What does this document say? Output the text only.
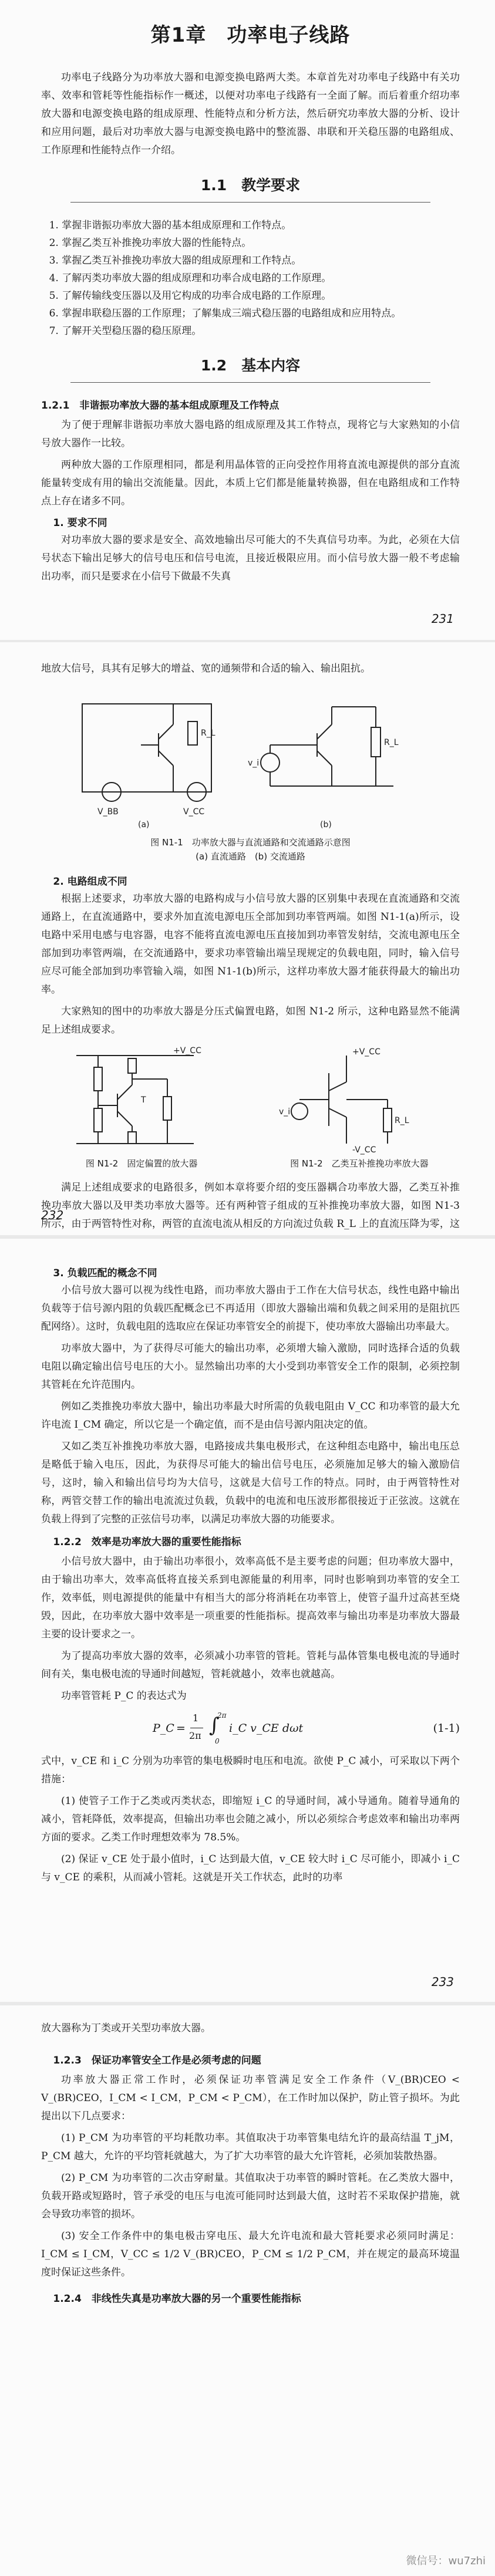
第1章　功率电子线路

功率电子线路分为功率放大器和电源变换电路两大类。本章首先对功率电子线路中有关功率、效率和管耗等性能指标作一概述，以便对功率电子线路有一全面了解。而后着重介绍功率放大器和电源变换电路的组成原理、性能特点和分析方法，然后研究功率放大器的分析、设计和应用问题，最后对功率放大器与电源变换电路中的整流器、串联和开关稳压器的电路组成、工作原理和性能特点作一介绍。

1.1　教学要求
1. 掌握非谐振功率放大器的基本组成原理和工作特点。
2. 掌握乙类互补推挽功率放大器的性能特点。
3. 掌握乙类互补推挽功率放大器的组成原理和工作特点。
4. 了解丙类功率放大器的组成原理和功率合成电路的工作原理。
5. 了解传输线变压器以及用它构成的功率合成电路的工作原理。
6. 掌握串联稳压器的工作原理；了解集成三端式稳压器的电路组成和应用特点。
7. 了解开关型稳压器的稳压原理。
1.2　基本内容
1.2.1　非谐振功率放大器的基本组成原理及工作特点

为了便于理解非谐振功率放大器电路的组成原理及其工作特点，现将它与大家熟知的小信号放大器作一比较。

两种放大器的工作原理相同，都是利用晶体管的正向受控作用将直流电源提供的部分直流能量转变成有用的输出交流能量。因此，本质上它们都是能量转换器，但在电路组成和工作特点上存在诸多不同。

1. 要求不同

对功率放大器的要求是安全、高效地输出尽可能大的不失真信号功率。为此，必须在大信号状态下输出足够大的信号电压和信号电流，且接近极限应用。而小信号放大器一般不考虑输出功率，而只是要求在小信号下做最不失真

231

地放大信号，具其有足够大的增益、宽的通频带和合适的输入、输出阻抗。

V_BB	V_CC
R_L
v_i
R_L
(a)	(b)
图 N1-1　功率放大器与直流通路和交流通路示意图
(a) 直流通路　(b) 交流通路
2. 电路组成不同

根据上述要求，功率放大器的电路构成与小信号放大器的区别集中表现在直流通路和交流通路上，在直流通路中，要求外加直流电源电压全部加到功率管两端。如图 N1-1(a)所示，设电路中采用电感与电容器，电容不能将直流电源电压直接加到功率管发射结，交流电源电压全部加到功率管两端，在交流通路中，要求功率管输出端呈现规定的负载电阻，同时，输入信号应尽可能全部加到功率管输入端，如图 N1-1(b)所示，这样功率放大器才能获得最大的输出功率。

大家熟知的图中的功率放大器是分压式偏置电路，如图 N1-2 所示，这种电路显然不能满足上述组成要求。

+V_CC
T
+V_CC
-V_CC
R_L
v_i
图 N1-2　固定偏置的放大器	图 N1-2　乙类互补推挽功率放大器

满足上述组成要求的电路很多，例如本章将要介绍的变压器耦合功率放大器，乙类互补推挽功率放大器以及甲类功率放大器等。还有两种管子组成的互补推挽功率放大器，如图 N1-3 所示，由于两管特性对称，两管的直流电流从相反的方向流过负载 R_L 上的直流压降为零，这

232
3. 负载匹配的概念不同

小信号放大器可以视为线性电路，而功率放大器由于工作在大信号状态，线性电路中输出负载等于信号源内阻的负载匹配概念已不再适用（即放大器输出端和负载之间采用的是阻抗匹配网络）。这时，负载电阻的选取应在保证功率管安全的前提下，使功率放大器输出功率最大。

功率放大器中，为了获得尽可能大的输出功率，必须增大输入激励，同时选择合适的负载电阻以确定输出信号电压的大小。显然输出功率的大小受到功率管安全工作的限制，必须控制其管耗在允许范围内。

例如乙类推挽功率放大器中，输出功率最大时所需的负载电阻由 V_CC 和功率管的最大允许电流 I_CM 确定，所以它是一个确定值，而不是由信号源内阻决定的值。

又如乙类互补推挽功率放大器，电路接成共集电极形式，在这种组态电路中，输出电压总是略低于输入电压，因此，为获得尽可能大的输出信号电压，必须施加足够大的输入激励信号，这时，输入和输出信号均为大信号，这就是大信号工作的特点。同时，由于两管特性对称，两管交替工作的输出电流流过负载，负载中的电流和电压波形都很接近于正弦波。这就在负载上得到了完整的正弦信号功率，以满足功率放大器的功能要求。

1.2.2　效率是功率放大器的重要性能指标

小信号放大器中，由于输出功率很小，效率高低不是主要考虑的问题；但功率放大器中，由于输出功率大，效率高低将直接关系到电源能量的利用率，同时也影响到功率管的安全工作，效率低，则电源提供的能量中有相当大的部分将消耗在功率管上，使管子温升过高甚至烧毁，因此，在功率放大器中效率是一项重要的性能指标。提高效率与输出功率是功率放大器最主要的设计要求之一。

为了提高功率放大器的效率，必须减小功率管的管耗。管耗与晶体管集电极电流的导通时间有关，集电极电流的导通时间越短，管耗就越小，效率也就越高。

功率管管耗 P_C 的表达式为

P_C =
1
2π ∫
2π
0
i_C v_CE dωt	(1-1)

式中，v_CE 和 i_C 分别为功率管的集电极瞬时电压和电流。欲使 P_C 减小，可采取以下两个措施：

(1) 使管子工作于乙类或丙类状态，即缩短 i_C 的导通时间，减小导通角。随着导通角的减小，管耗降低，效率提高，但输出功率也会随之减小，所以必须综合考虑效率和输出功率两方面的要求。乙类工作时理想效率为 78.5%。

(2) 保证 v_CE 处于最小值时，i_C 达到最大值，v_CE 较大时 i_C 尽可能小，即减小 i_C 与 v_CE 的乘积，从而减小管耗。这就是开关工作状态，此时的功率

233

放大器称为丁类或开关型功率放大器。

1.2.3　保证功率管安全工作是必须考虑的问题

功率放大器正常工作时，必须保证功率管满足安全工作条件（V_(BR)CEO < V_(BR)CEO，I_CM < I_CM，P_CM < P_CM），在工作时加以保护，防止管子损坏。为此提出以下几点要求：

(1) P_CM 为功率管的平均耗散功率。其值取决于功率管集电结允许的最高结温 T_jM，P_CM 越大，允许的平均管耗就越大，为了扩大功率管的最大允许管耗，必须加装散热器。

(2) P_CM 为功率管的二次击穿耐量。其值取决于功率管的瞬时管耗。在乙类放大器中，负载开路或短路时，管子承受的电压与电流可能同时达到最大值，这时若不采取保护措施，就会导致功率管的损坏。

(3) 安全工作条件中的集电极击穿电压、最大允许电流和最大管耗要求必须同时满足：I_CM ≤ I_CM，V_CC ≤ 1/2 V_(BR)CEO，P_CM ≤ 1/2 P_CM，并在规定的最高环境温度时保证这些条件。

1.2.4　非线性失真是功率放大器的另一个重要性能指标
微信号：wu7zhi
